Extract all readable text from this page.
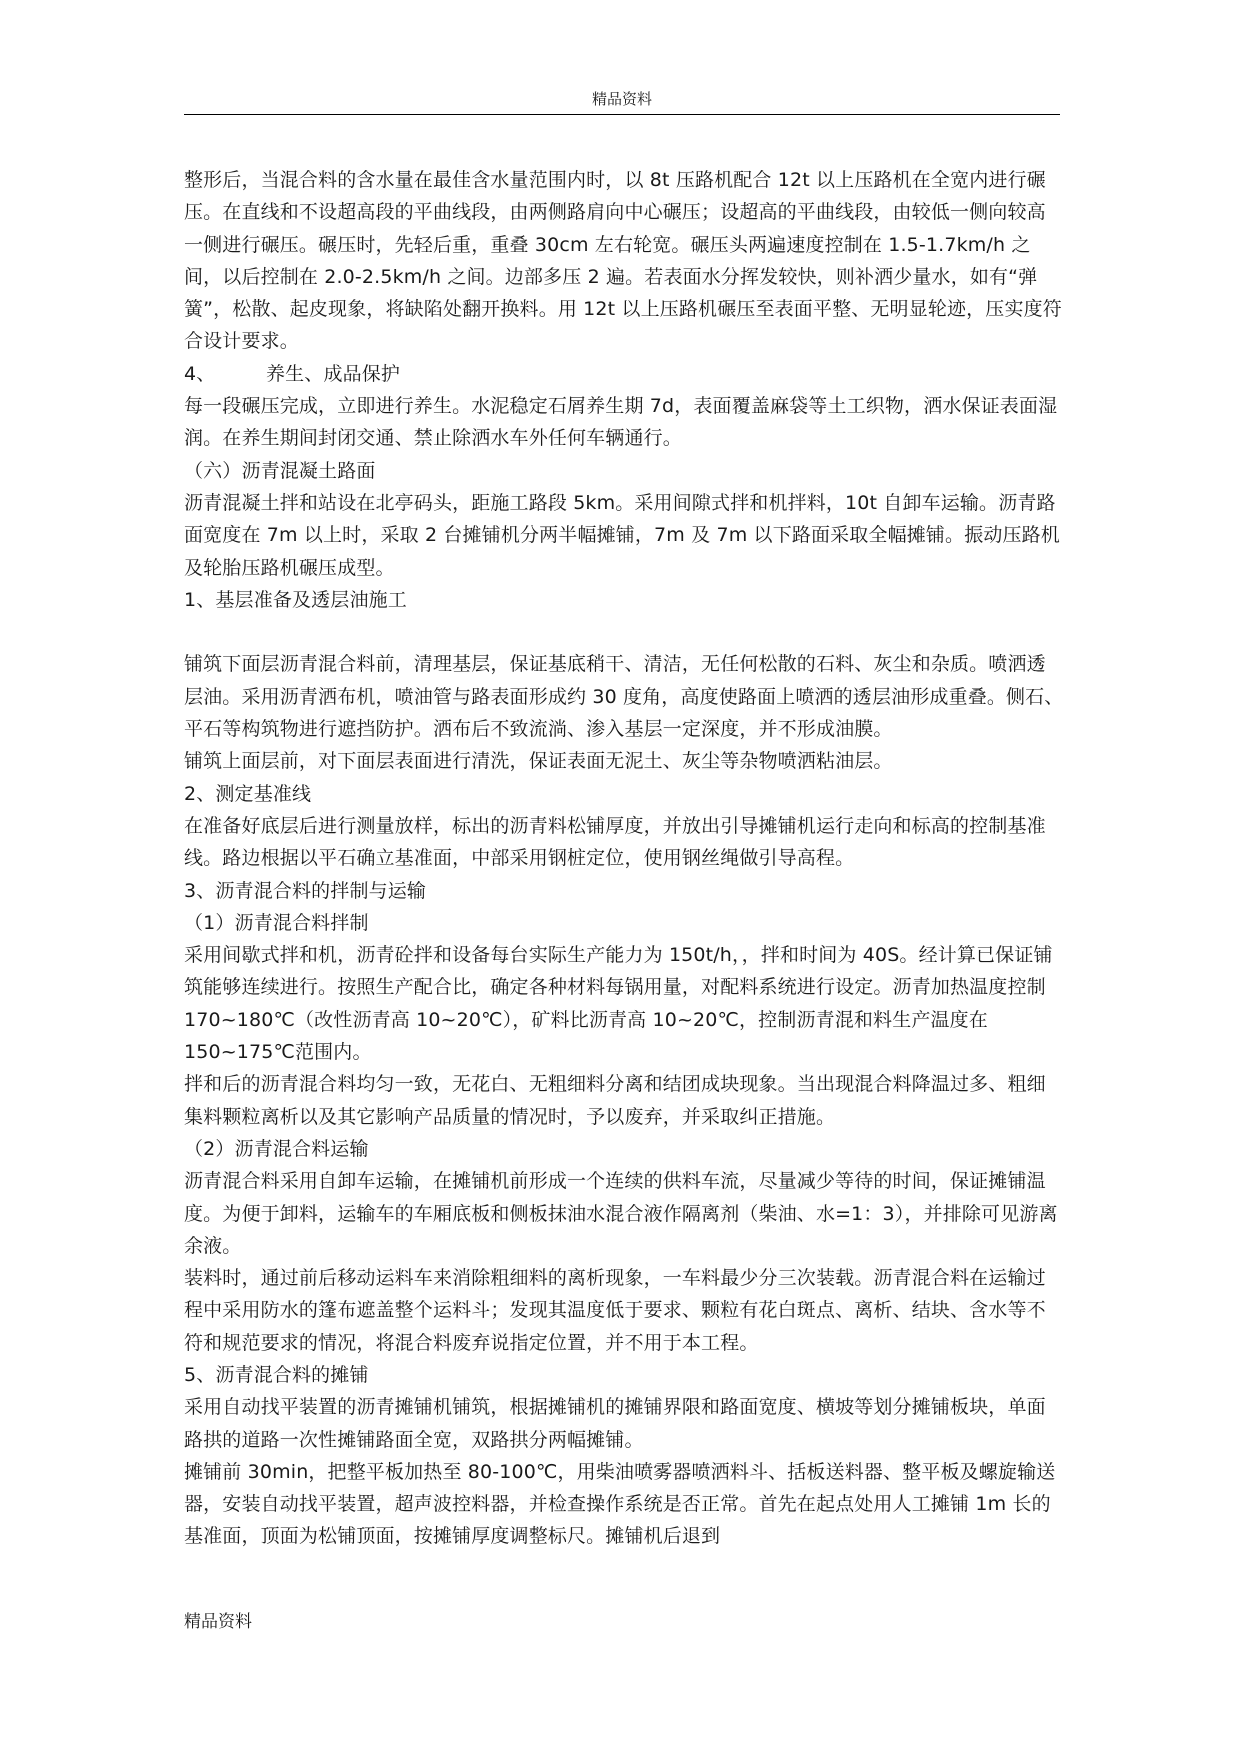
精品资料

整形后，当混合料的含水量在最佳含水量范围内时，以 8t 压路机配合 12t 以上压路机在全宽内进行碾压。在直线和不设超高段的平曲线段，由两侧路肩向中心碾压；设超高的平曲线段，由较低一侧向较高一侧进行碾压。碾压时，先轻后重，重叠 30cm 左右轮宽。碾压头两遍速度控制在 1.5-1.7km/h 之间，以后控制在 2.0-2.5km/h 之间。边部多压 2 遍。若表面水分挥发较快，则补洒少量水，如有“弹簧”，松散、起皮现象，将缺陷处翻开换料。用 12t 以上压路机碾压至表面平整、无明显轮迹，压实度符合设计要求。

4、	养生、成品保护

每一段碾压完成，立即进行养生。水泥稳定石屑养生期 7d，表面覆盖麻袋等土工织物，洒水保证表面湿润。在养生期间封闭交通、禁止除洒水车外任何车辆通行。

（六）沥青混凝土路面

沥青混凝土拌和站设在北亭码头，距施工路段 5km。采用间隙式拌和机拌料，10t 自卸车运输。沥青路面宽度在 7m 以上时，采取 2 台摊铺机分两半幅摊铺，7m 及 7m 以下路面采取全幅摊铺。振动压路机及轮胎压路机碾压成型。

1、基层准备及透层油施工

铺筑下面层沥青混合料前，清理基层，保证基底稍干、清洁，无任何松散的石料、灰尘和杂质。喷洒透层油。采用沥青洒布机，喷油管与路表面形成约 30 度角，高度使路面上喷洒的透层油形成重叠。侧石、平石等构筑物进行遮挡防护。洒布后不致流淌、渗入基层一定深度，并不形成油膜。

铺筑上面层前，对下面层表面进行清洗，保证表面无泥土、灰尘等杂物喷洒粘油层。

2、测定基准线

在准备好底层后进行测量放样，标出的沥青料松铺厚度，并放出引导摊铺机运行走向和标高的控制基准线。路边根据以平石确立基准面，中部采用钢桩定位，使用钢丝绳做引导高程。

3、沥青混合料的拌制与运输

（1）沥青混合料拌制

采用间歇式拌和机，沥青砼拌和设备每台实际生产能力为 150t/h，，拌和时间为 40S。经计算已保证铺筑能够连续进行。按照生产配合比，确定各种材料每锅用量，对配料系统进行设定。沥青加热温度控制 170~180℃（改性沥青高 10~20℃），矿料比沥青高 10~20℃，控制沥青混和料生产温度在 150~175℃范围内。

拌和后的沥青混合料均匀一致，无花白、无粗细料分离和结团成块现象。当出现混合料降温过多、粗细集料颗粒离析以及其它影响产品质量的情况时，予以废弃，并采取纠正措施。

（2）沥青混合料运输

沥青混合料采用自卸车运输，在摊铺机前形成一个连续的供料车流，尽量减少等待的时间，保证摊铺温度。为便于卸料，运输车的车厢底板和侧板抹油水混合液作隔离剂（柴油、水=1：3），并排除可见游离余液。

装料时，通过前后移动运料车来消除粗细料的离析现象，一车料最少分三次装载。沥青混合料在运输过程中采用防水的篷布遮盖整个运料斗；发现其温度低于要求、颗粒有花白斑点、离析、结块、含水等不符和规范要求的情况，将混合料废弃说指定位置，并不用于本工程。

5、沥青混合料的摊铺

采用自动找平装置的沥青摊铺机铺筑，根据摊铺机的摊铺界限和路面宽度、横坡等划分摊铺板块，单面路拱的道路一次性摊铺路面全宽，双路拱分两幅摊铺。

摊铺前 30min，把整平板加热至 80-100℃，用柴油喷雾器喷洒料斗、括板送料器、整平板及螺旋输送器，安装自动找平装置，超声波控料器，并检查操作系统是否正常。首先在起点处用人工摊铺 1m 长的基准面，顶面为松铺顶面，按摊铺厚度调整标尺。摊铺机后退到

精品资料
